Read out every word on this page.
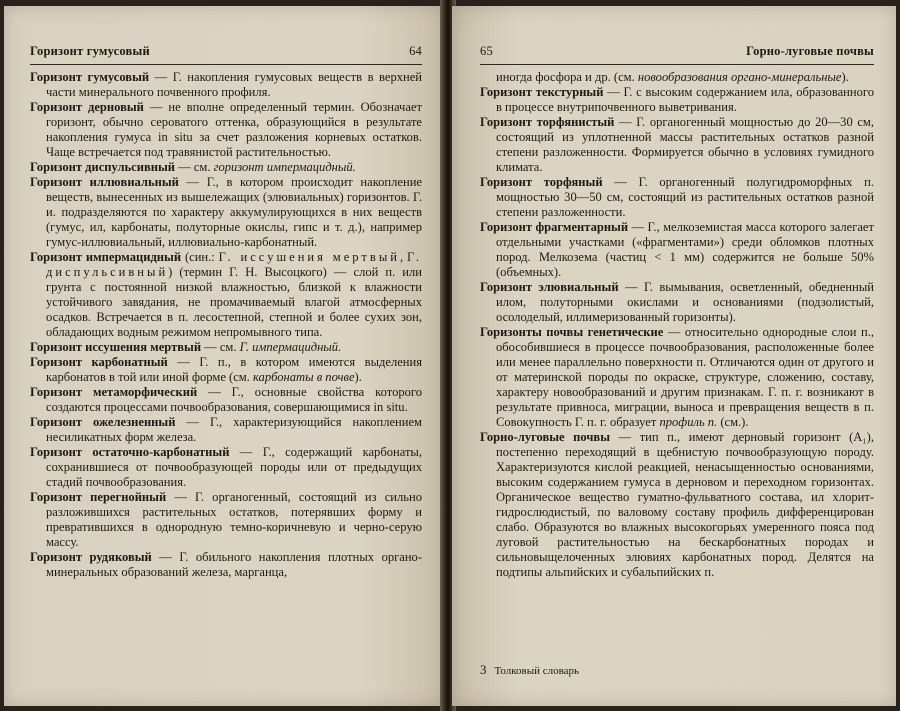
Горизонт гумусовый	64

Горизонт гумусовый — Г. накопления гумусовых веществ в верхней части минерального почвенного профиля.

Горизонт дерновый — не вполне определенный термин. Обозначает горизонт, обычно сероватого оттенка, образующийся в результате накопления гумуса in situ за счет разложения корневых остатков. Чаще встречается под травянистой растительностью.

Горизонт диспульсивный — см. горизонт импермацидный.

Горизонт иллювиальный — Г., в котором происходит накопление веществ, вынесенных из вышележащих (элювиальных) горизонтов. Г. и. подразделяются по характеру аккумулирующихся в них веществ (гумус, ил, карбонаты, полуторные окислы, гипс и т. д.), например гумус-иллювиальный, иллювиально-карбонатный.

Горизонт импермацидный (син.: Г. иссушения мертвый, Г. диспульсивный) (термин Г. Н. Высоцкого) — слой п. или грунта с постоянной низкой влажностью, близкой к влажности устойчивого завядания, не промачиваемый влагой атмосферных осадков. Встречается в п. лесостепной, степной и более сухих зон, обладающих водным режимом непромывного типа.

Горизонт иссушения мертвый — см. Г. импермацидный.

Горизонт карбонатный — Г. п., в котором имеются выделения карбонатов в той или иной форме (см. карбонаты в почве).

Горизонт метаморфический — Г., основные свойства которого создаются процессами почвообразования, совершающимися in situ.

Горизонт ожелезненный — Г., характеризующийся накоплением несиликатных форм железа.

Горизонт остаточно-карбонатный — Г., содержащий карбонаты, сохранившиеся от почвообразующей породы или от предыдущих стадий почвообразования.

Горизонт перегнойный — Г. органогенный, состоящий из сильно разложившихся растительных остатков, потерявших форму и превратившихся в однородную темно-коричневую и черно-серую массу.

Горизонт рудяковый — Г. обильного накопления плотных органо-минеральных образований железа, марганца,

65	Горно-луговые почвы

иногда фосфора и др. (см. новообразования органо-минеральные).

Горизонт текстурный — Г. с высоким содержанием ила, образованного в процессе внутрипочвенного выветривания.

Горизонт торфянистый — Г. органогенный мощностью до 20—30 см, состоящий из уплотненной массы растительных остатков разной степени разложенности. Формируется обычно в условиях гумидного климата.

Горизонт торфяный — Г. органогенный полугидроморфных п. мощностью 30—50 см, состоящий из растительных остатков разной степени разложенности.

Горизонт фрагментарный — Г., мелкоземистая масса которого залегает отдельными участками («фрагментами») среди обломков плотных пород. Мелкозема (частиц < 1 мм) содержится не больше 50% (объемных).

Горизонт элювиальный — Г. вымывания, осветленный, обедненный илом, полуторными окислами и основаниями (подзолистый, осолоделый, иллимеризованный горизонты).

Горизонты почвы генетические — относительно однородные слои п., обособившиеся в процессе почвообразования, расположенные более или менее параллельно поверхности п. Отличаются один от другого и от материнской породы по окраске, структуре, сложению, составу, характеру новообразований и другим признакам. Г. п. г. возникают в результате привноса, миграции, выноса и превращения веществ в п. Совокупность Г. п. г. образует профиль п. (см.).

Горно-луговые почвы — тип п., имеют дерновый горизонт (A₁), постепенно переходящий в щебнистую почвообразующую породу. Характеризуются кислой реакцией, ненасыщенностью основаниями, высоким содержанием гумуса в дерновом и переходном горизонтах. Органическое вещество гуматно-фульватного состава, ил хлорит-гидрослюдистый, по валовому составу профиль дифференцирован слабо. Образуются во влажных высокогорьях умеренного пояса под луговой растительностью на бескарбонатных породах и сильновыщелоченных элювиях карбонатных пород. Делятся на подтипы альпийских и субальпийских п.

3 Толковый словарь
